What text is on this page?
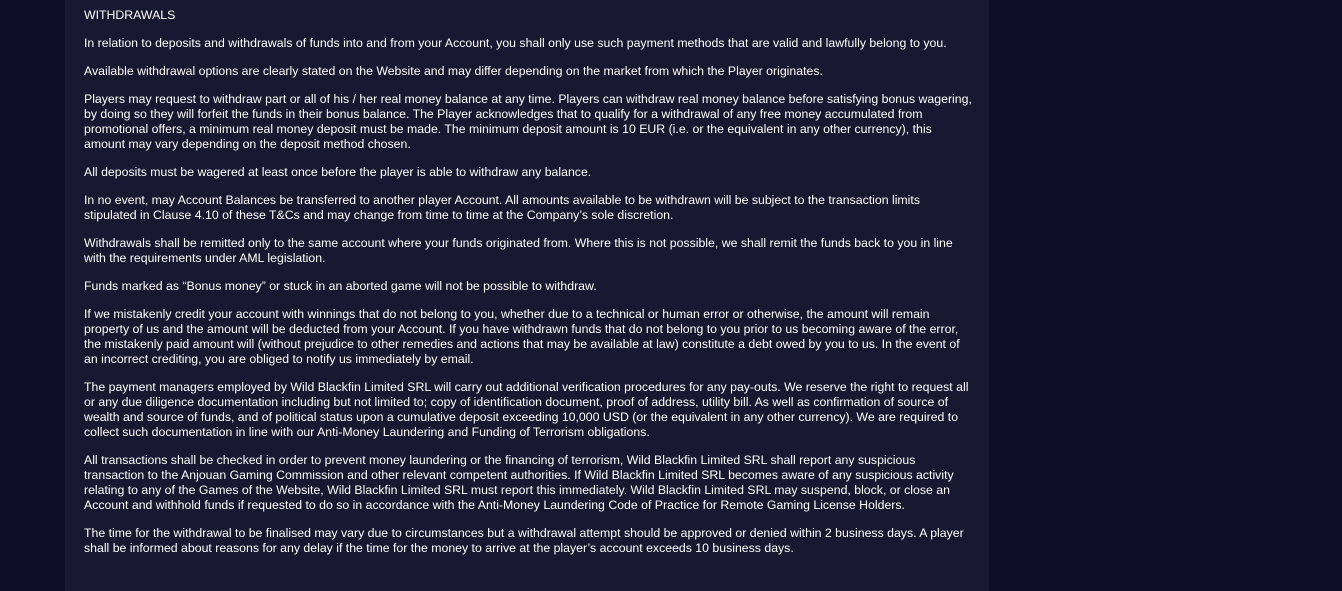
WITHDRAWALS

In relation to deposits and withdrawals of funds into and from your Account, you shall only use such payment methods that are valid and lawfully belong to you.

Available withdrawal options are clearly stated on the Website and may differ depending on the market from which the Player originates.

Players may request to withdraw part or all of his / her real money balance at any time. Players can withdraw real money balance before satisfying bonus wagering, by doing so they will forfeit the funds in their bonus balance. The Player acknowledges that to qualify for a withdrawal of any free money accumulated from promotional offers, a minimum real money deposit must be made. The minimum deposit amount is 10 EUR (i.e. or the equivalent in any other currency), this amount may vary depending on the deposit method chosen.

All deposits must be wagered at least once before the player is able to withdraw any balance.

In no event, may Account Balances be transferred to another player Account. All amounts available to be withdrawn will be subject to the transaction limits stipulated in Clause 4.10 of these T&Cs and may change from time to time at the Company’s sole discretion.

Withdrawals shall be remitted only to the same account where your funds originated from. Where this is not possible, we shall remit the funds back to you in line with the requirements under AML legislation.

Funds marked as “Bonus money” or stuck in an aborted game will not be possible to withdraw.

If we mistakenly credit your account with winnings that do not belong to you, whether due to a technical or human error or otherwise, the amount will remain property of us and the amount will be deducted from your Account. If you have withdrawn funds that do not belong to you prior to us becoming aware of the error, the mistakenly paid amount will (without prejudice to other remedies and actions that may be available at law) constitute a debt owed by you to us. In the event of an incorrect crediting, you are obliged to notify us immediately by email.

The payment managers employed by Wild Blackfin Limited SRL will carry out additional verification procedures for any pay-outs. We reserve the right to request all or any due diligence documentation including but not limited to; copy of identification document, proof of address, utility bill. As well as confirmation of source of wealth and source of funds, and of political status upon a cumulative deposit exceeding 10,000 USD (or the equivalent in any other currency). We are required to collect such documentation in line with our Anti-Money Laundering and Funding of Terrorism obligations.

All transactions shall be checked in order to prevent money laundering or the financing of terrorism, Wild Blackfin Limited SRL shall report any suspicious transaction to the Anjouan Gaming Commission and other relevant competent authorities. If Wild Blackfin Limited SRL becomes aware of any suspicious activity relating to any of the Games of the Website, Wild Blackfin Limited SRL must report this immediately. Wild Blackfin Limited SRL may suspend, block, or close an Account and withhold funds if requested to do so in accordance with the Anti-Money Laundering Code of Practice for Remote Gaming License Holders.

The time for the withdrawal to be finalised may vary due to circumstances but a withdrawal attempt should be approved or denied within 2 business days. A player shall be informed about reasons for any delay if the time for the money to arrive at the player’s account exceeds 10 business days.
